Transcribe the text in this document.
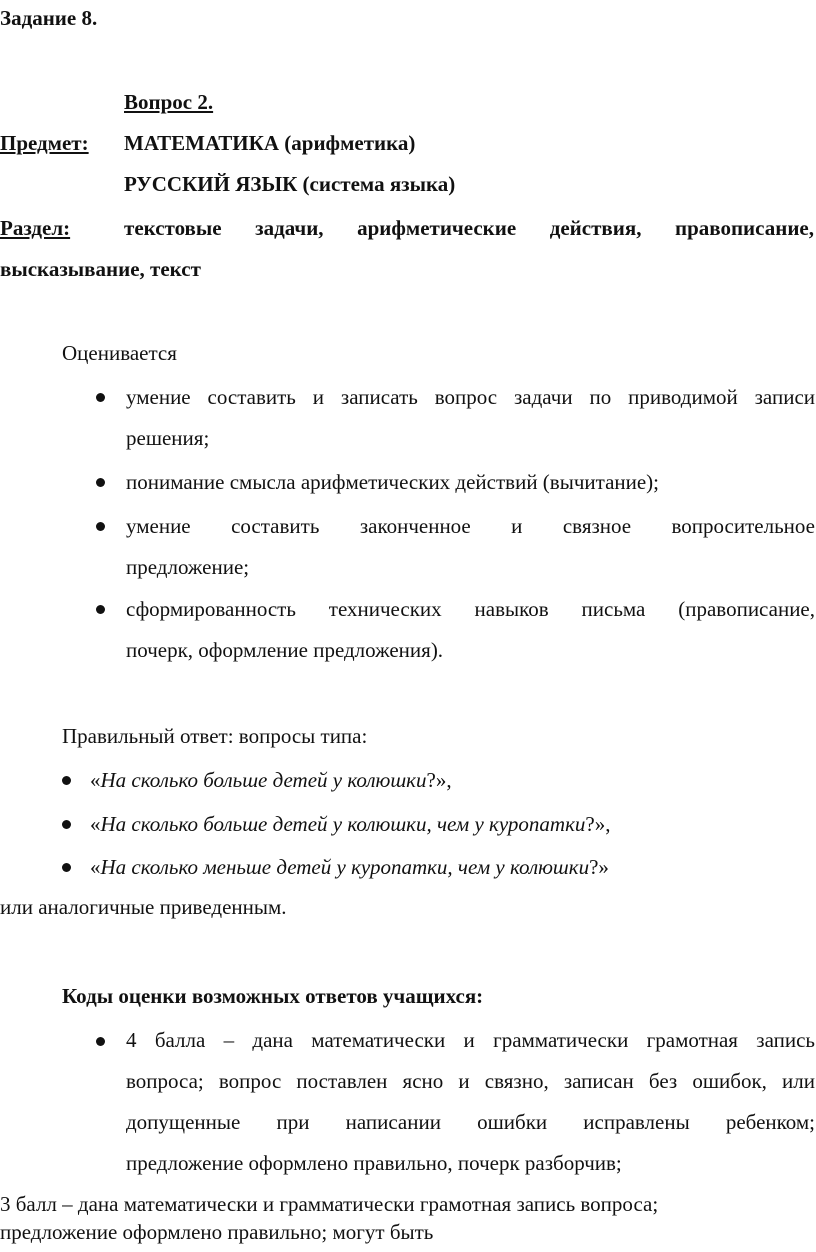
Задание 8.
Вопрос 2.
Предмет: МАТЕМАТИКА (арифметика)
РУССКИЙ ЯЗЫК (система языка)
Раздел:	текстовые задачи, арифметические действия, правописание,
высказывание, текст
Оценивается
умение составить и записать вопрос задачи по приводимой записи
решения;
понимание смысла арифметических действий (вычитание);
умение составить законченное и связное вопросительное
предложение;
сформированность технических навыков письма (правописание,
почерк, оформление предложения).
Правильный ответ: вопросы типа:
«На сколько больше детей у колюшки?»,
«На сколько больше детей у колюшки, чем у куропатки?»,
«На сколько меньше детей у куропатки, чем у колюшки?»
или аналогичные приведенным.
Коды оценки возможных ответов учащихся:
4 балла – дана математически и грамматически грамотная запись
вопроса; вопрос поставлен ясно и связно, записан без ошибок, или
допущенные при написании ошибки исправлены ребенком;
предложение оформлено правильно, почерк разборчив;
3 балл – дана математически и грамматически грамотная запись вопроса;
предложение оформлено правильно; могут быть
